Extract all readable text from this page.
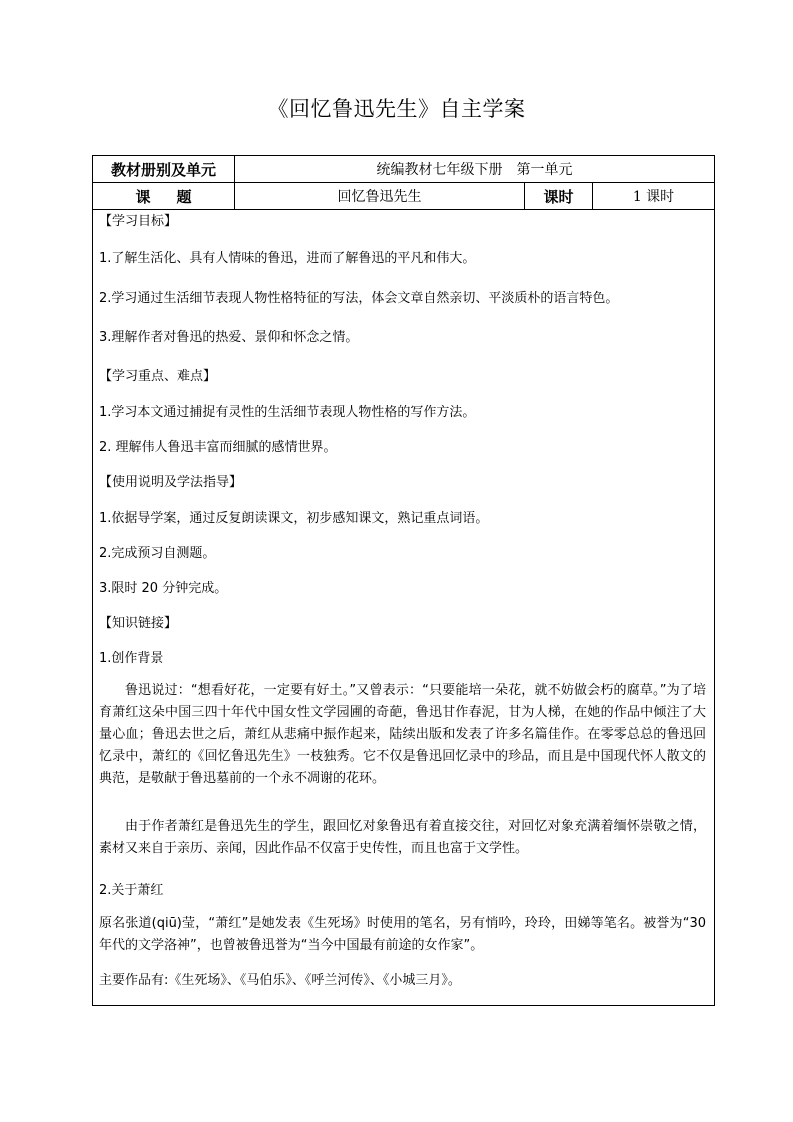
《回忆鲁迅先生》自主学案
教材册别及单元	统编教材七年级下册　第一单元
课题	回忆鲁迅先生	课时	1 课时
【学习目标】
1.了解生活化、具有人情味的鲁迅，进而了解鲁迅的平凡和伟大。
2.学习通过生活细节表现人物性格特征的写法，体会文章自然亲切、平淡质朴的语言特色。
3.理解作者对鲁迅的热爱、景仰和怀念之情。
【学习重点、难点】
1.学习本文通过捕捉有灵性的生活细节表现人物性格的写作方法。
2. 理解伟人鲁迅丰富而细腻的感情世界。
【使用说明及学法指导】
1.依据导学案，通过反复朗读课文，初步感知课文，熟记重点词语。
2.完成预习自测题。
3.限时 20 分钟完成。
【知识链接】
1.创作背景
鲁迅说过：“想看好花，一定要有好土。”又曾表示：“只要能培一朵花，就不妨做会朽的腐草。”为了培育萧红这朵中国三四十年代中国女性文学园圃的奇葩，鲁迅甘作春泥，甘为人梯，在她的作品中倾注了大量心血；鲁迅去世之后，萧红从悲痛中振作起来，陆续出版和发表了许多名篇佳作。在零零总总的鲁迅回忆录中，萧红的《回忆鲁迅先生》一枝独秀。它不仅是鲁迅回忆录中的珍品，而且是中国现代怀人散文的典范，是敬献于鲁迅墓前的一个永不凋谢的花环。
由于作者萧红是鲁迅先生的学生，跟回忆对象鲁迅有着直接交往，对回忆对象充满着缅怀崇敬之情，素材又来自于亲历、亲闻，因此作品不仅富于史传性，而且也富于文学性。
2.关于萧红
原名张道(qiū)莹，“萧红”是她发表《生死场》时使用的笔名，另有悄吟，玲玲，田娣等笔名。被誉为“30 年代的文学洛神”，也曾被鲁迅誉为“当今中国最有前途的女作家”。
主要作品有:《生死场》、《马伯乐》、《呼兰河传》、《小城三月》。
